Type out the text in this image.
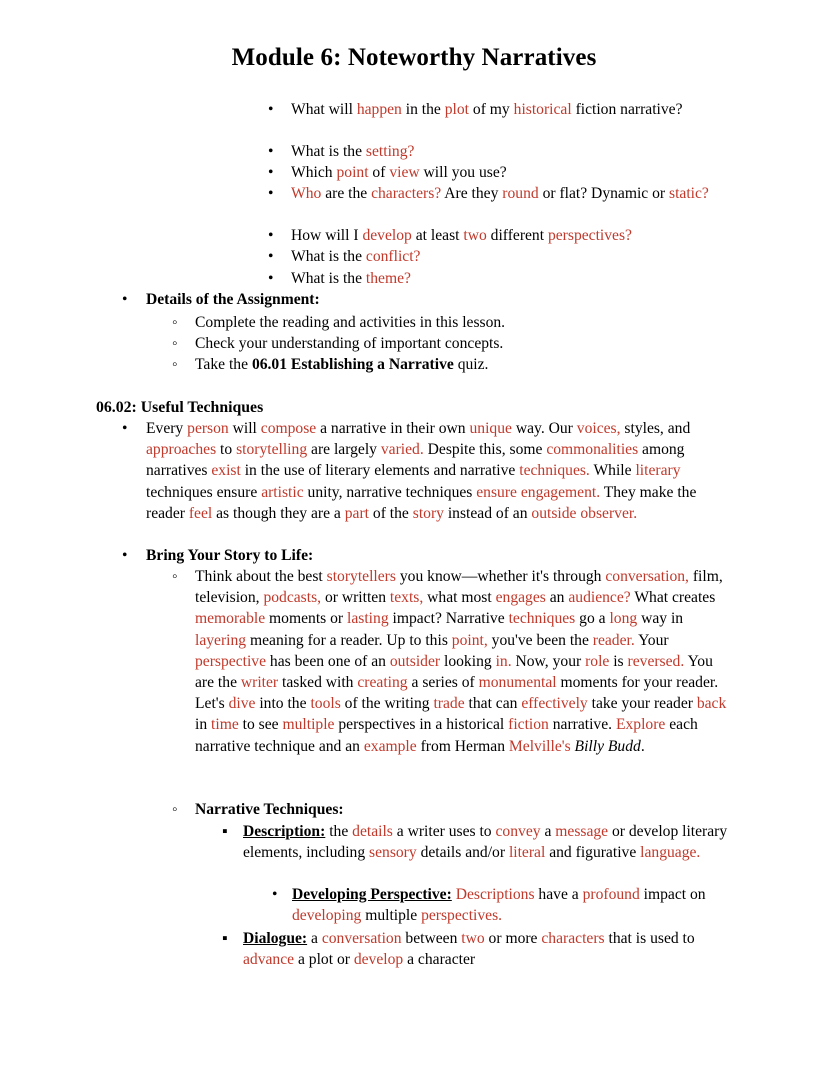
Module 6: Noteworthy Narratives
•
What will happen in the plot of my historical fiction narrative?
•
What is the setting?
•
Which point of view will you use?
•
Who are the characters? Are they round or flat? Dynamic or static?
•
How will I develop at least two different perspectives?
•
What is the conflict?
•
What is the theme?
•
Details of the Assignment:
◦
Complete the reading and activities in this lesson.
◦
Check your understanding of important concepts.
◦
Take the 06.01 Establishing a Narrative quiz.
06.02: Useful Techniques
•
Every person will compose a narrative in their own unique way. Our voices, styles, and approaches to storytelling are largely varied. Despite this, some commonalities among narratives exist in the use of literary elements and narrative techniques. While literary techniques ensure artistic unity, narrative techniques ensure engagement. They make the reader feel as though they are a part of the story instead of an outside observer.
•
Bring Your Story to Life:
◦
Think about the best storytellers you know—whether it's through conversation, film, television, podcasts, or written texts, what most engages an audience? What creates memorable moments or lasting impact? Narrative techniques go a long way in layering meaning for a reader. Up to this point, you've been the reader. Your perspective has been one of an outsider looking in. Now, your role is reversed. You are the writer tasked with creating a series of monumental moments for your reader. Let's dive into the tools of the writing trade that can effectively take your reader back in time to see multiple perspectives in a historical fiction narrative. Explore each narrative technique and an example from Herman Melville's Billy Budd.
◦
Narrative Techniques:
▪
Description: the details a writer uses to convey a message or develop literary elements, including sensory details and/or literal and figurative language.
•
Developing Perspective: Descriptions have a profound impact on developing multiple perspectives.
▪
Dialogue: a conversation between two or more characters that is used to advance a plot or develop a character
